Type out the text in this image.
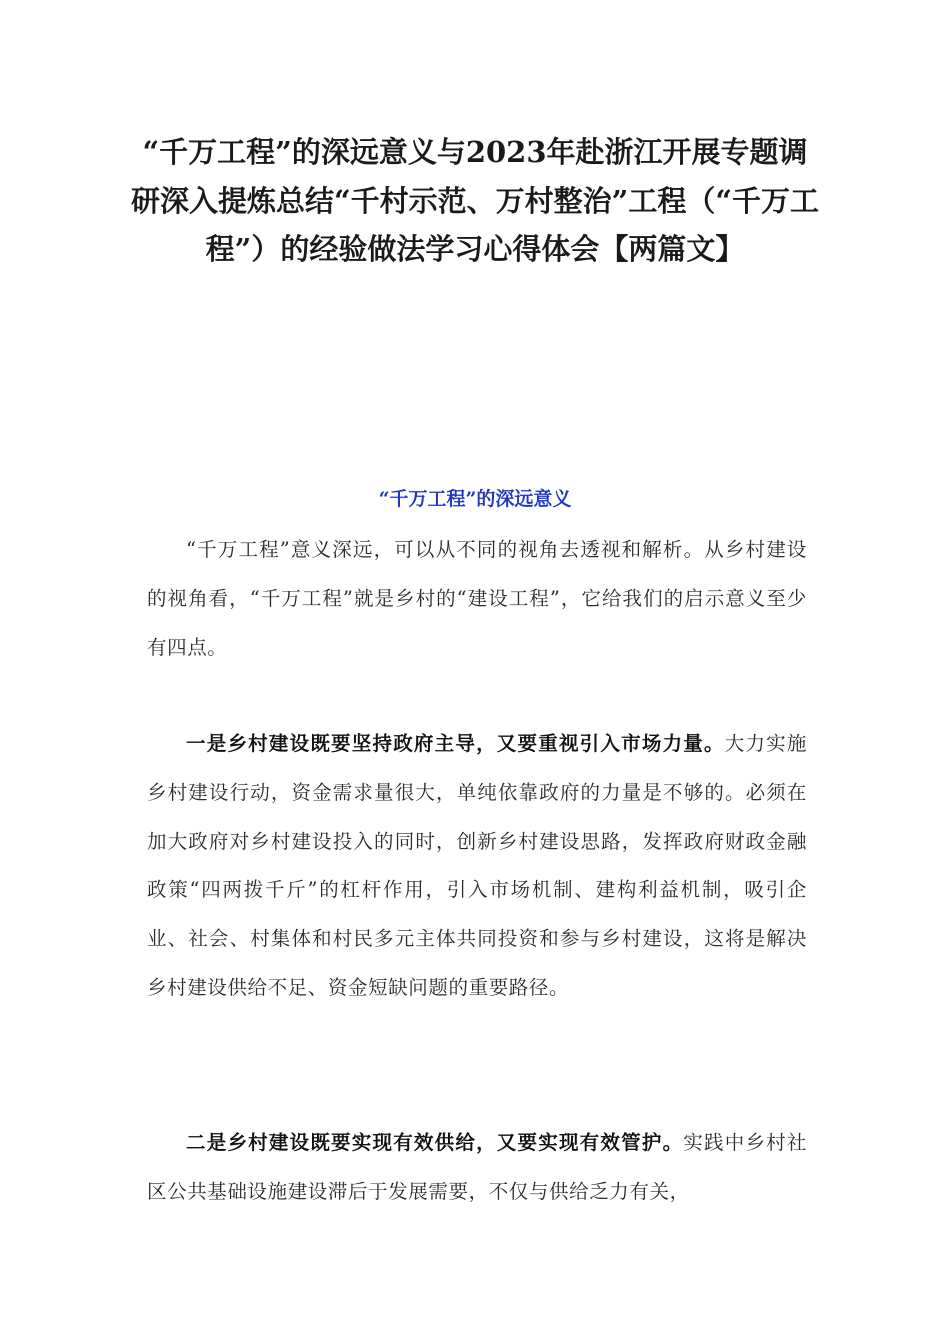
“千万工程”的深远意义与2023年赴浙江开展专题调研深入提炼总结“千村示范、万村整治”工程（“千万工程”）的经验做法学习心得体会【两篇文】
“千万工程”的深远意义

“千万工程”意义深远，可以从不同的视角去透视和解析。从乡村建设的视角看，“千万工程”就是乡村的“建设工程”，它给我们的启示意义至少有四点。

一是乡村建设既要坚持政府主导，又要重视引入市场力量。大力实施乡村建设行动，资金需求量很大，单纯依靠政府的力量是不够的。必须在加大政府对乡村建设投入的同时，创新乡村建设思路，发挥政府财政金融政策“四两拨千斤”的杠杆作用，引入市场机制、建构利益机制，吸引企业、社会、村集体和村民多元主体共同投资和参与乡村建设，这将是解决乡村建设供给不足、资金短缺问题的重要路径。

二是乡村建设既要实现有效供给，又要实现有效管护。实践中乡村社区公共基础设施建设滞后于发展需要，不仅与供给乏力有关，
